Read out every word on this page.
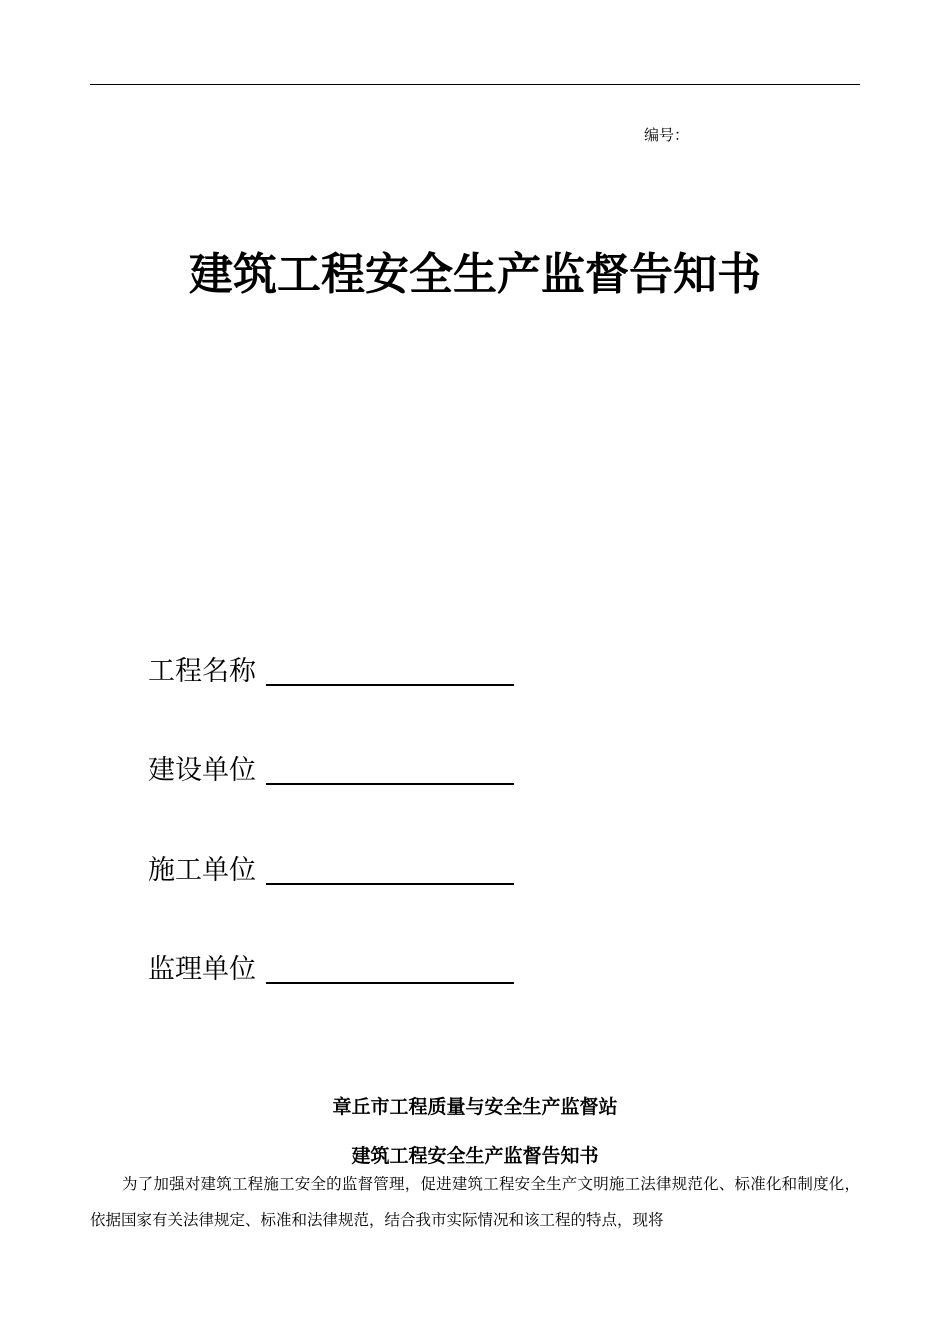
编号：
建筑工程安全生产监督告知书
工程名称
建设单位
施工单位
监理单位
章丘市工程质量与安全生产监督站
建筑工程安全生产监督告知书
为了加强对建筑工程施工安全的监督管理，促进建筑工程安全生产文明施工法律规范化、标准化和制度化，依据国家有关法律规定、标准和法律规范，结合我市实际情况和该工程的特点，现将
